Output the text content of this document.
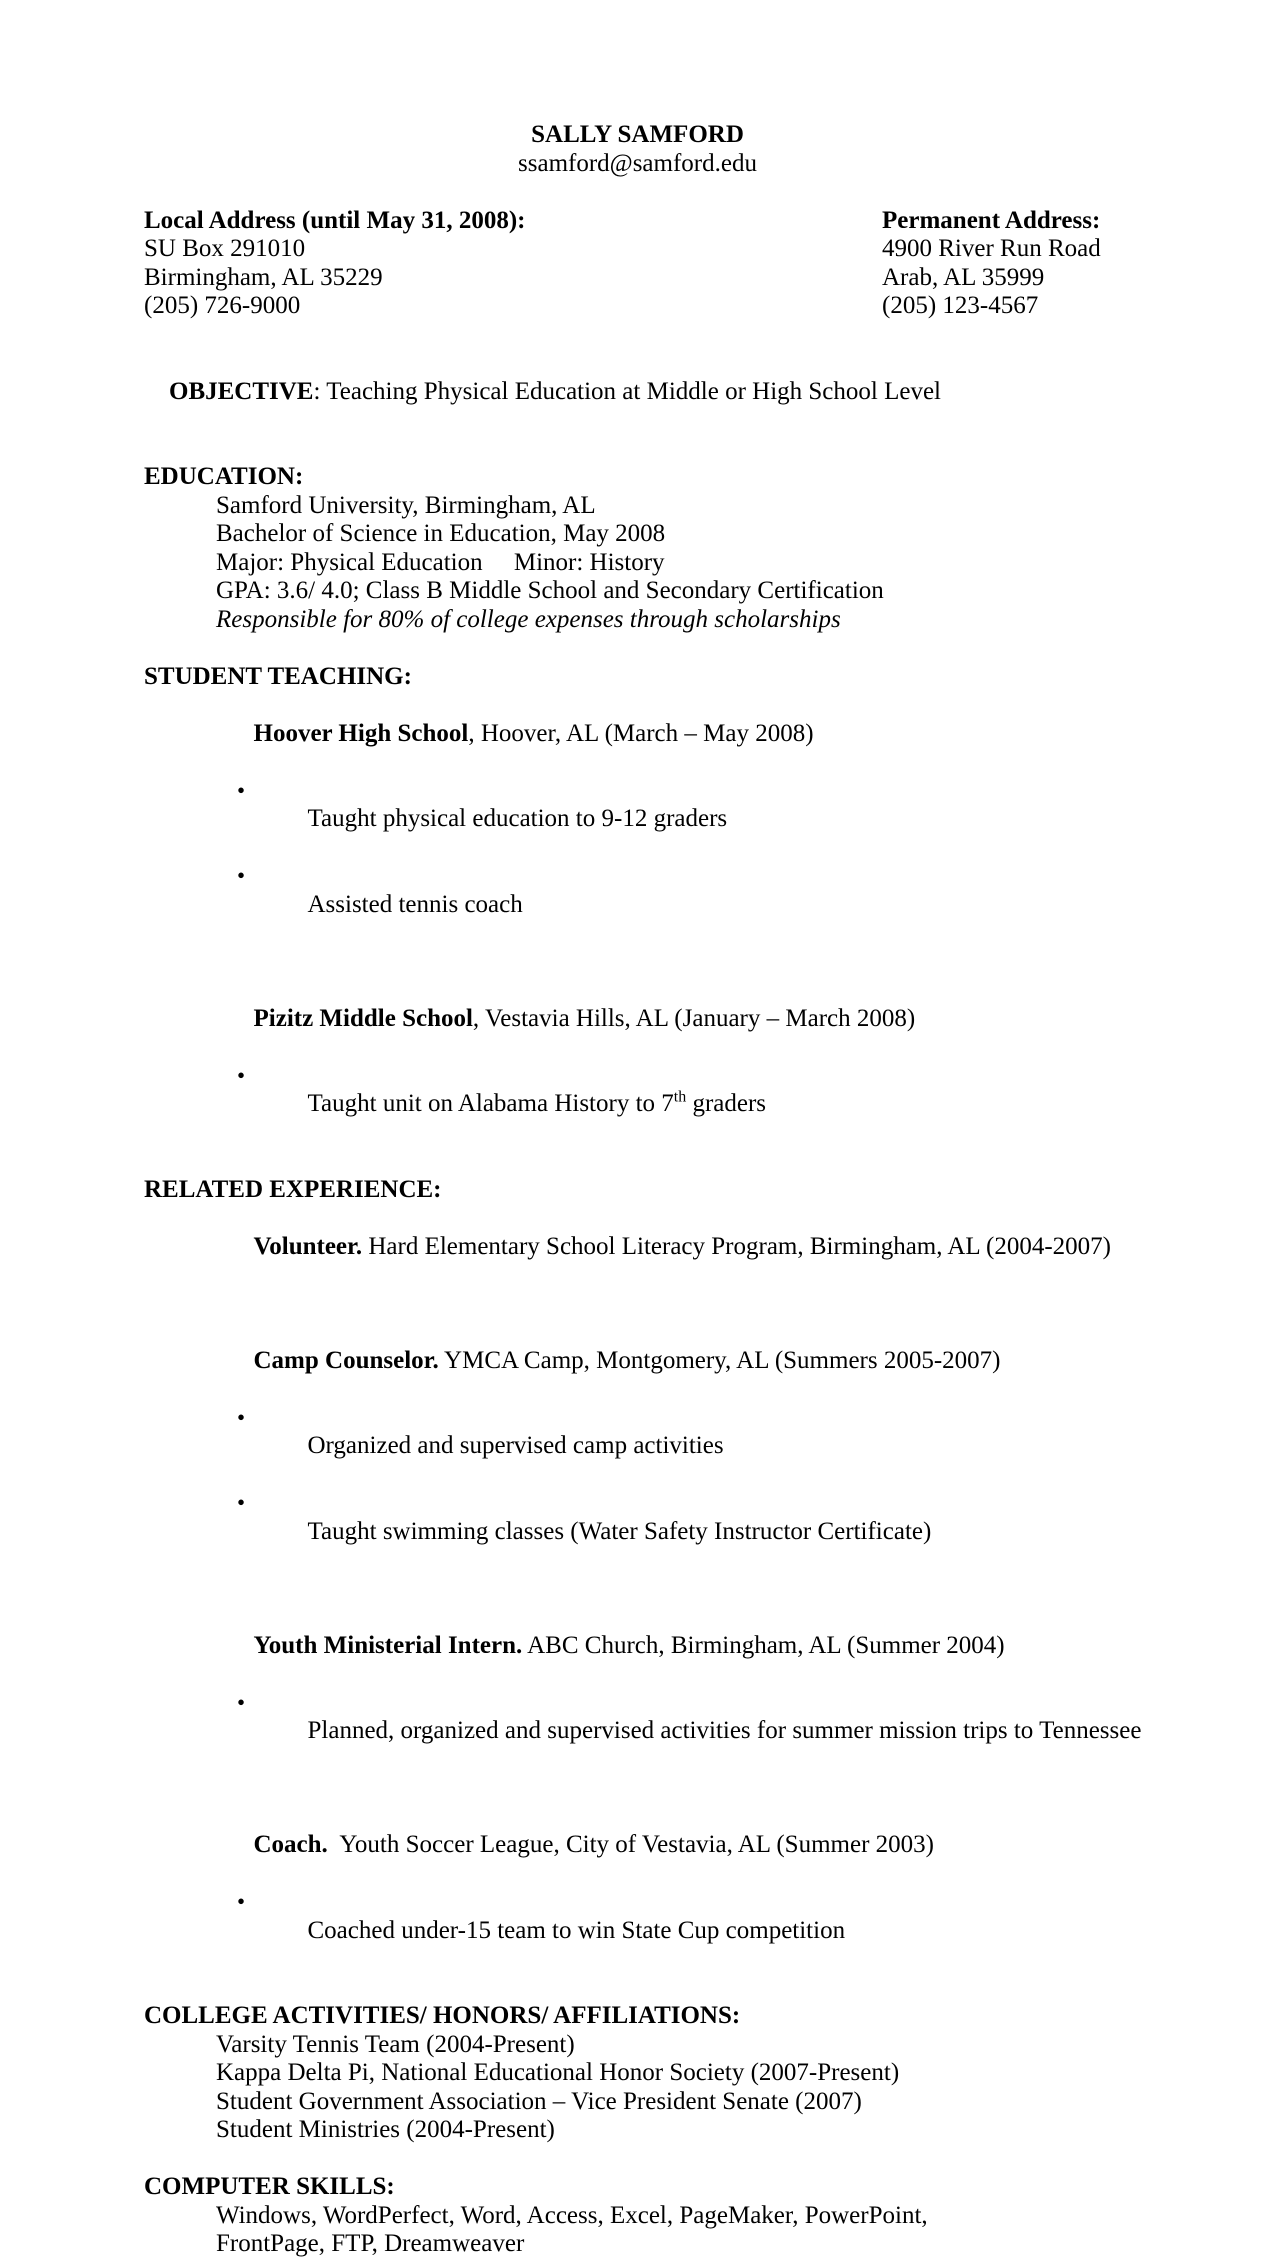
SALLY SAMFORD
ssamford@samford.edu
Local Address (until May 31, 2008):
SU Box 291010
Birmingham, AL 35229
(205) 726-9000
Permanent Address:
4900 River Run Road
Arab, AL 35999
(205) 123-4567

OBJECTIVE: Teaching Physical Education at Middle or High School Level

EDUCATION:
Samford University, Birmingham, AL
Bachelor of Science in Education, May 2008
Major: Physical Education     Minor: History
GPA: 3.6/ 4.0; Class B Middle School and Secondary Certification
Responsible for 80% of college expenses through scholarships
STUDENT TEACHING:

Hoover High School, Hoover, AL (March – May 2008)

•
Taught physical education to 9-12 graders

•
Assisted tennis coach

Pizitz Middle School, Vestavia Hills, AL (January – March 2008)

•
Taught unit on Alabama History to 7th graders

RELATED EXPERIENCE:

Volunteer. Hard Elementary School Literacy Program, Birmingham, AL (2004-2007)

Camp Counselor. YMCA Camp, Montgomery, AL (Summers 2005-2007)

•
Organized and supervised camp activities

•
Taught swimming classes (Water Safety Instructor Certificate)

Youth Ministerial Intern. ABC Church, Birmingham, AL (Summer 2004)

•
Planned, organized and supervised activities for summer mission trips to Tennessee

Coach.  Youth Soccer League, City of Vestavia, AL (Summer 2003)

•
Coached under-15 team to win State Cup competition

COLLEGE ACTIVITIES/ HONORS/ AFFILIATIONS:
Varsity Tennis Team (2004-Present)
Kappa Delta Pi, National Educational Honor Society (2007-Present)
Student Government Association – Vice President Senate (2007)
Student Ministries (2004-Present)
COMPUTER SKILLS:
Windows, WordPerfect, Word, Access, Excel, PageMaker, PowerPoint,
FrontPage, FTP, Dreamweaver
